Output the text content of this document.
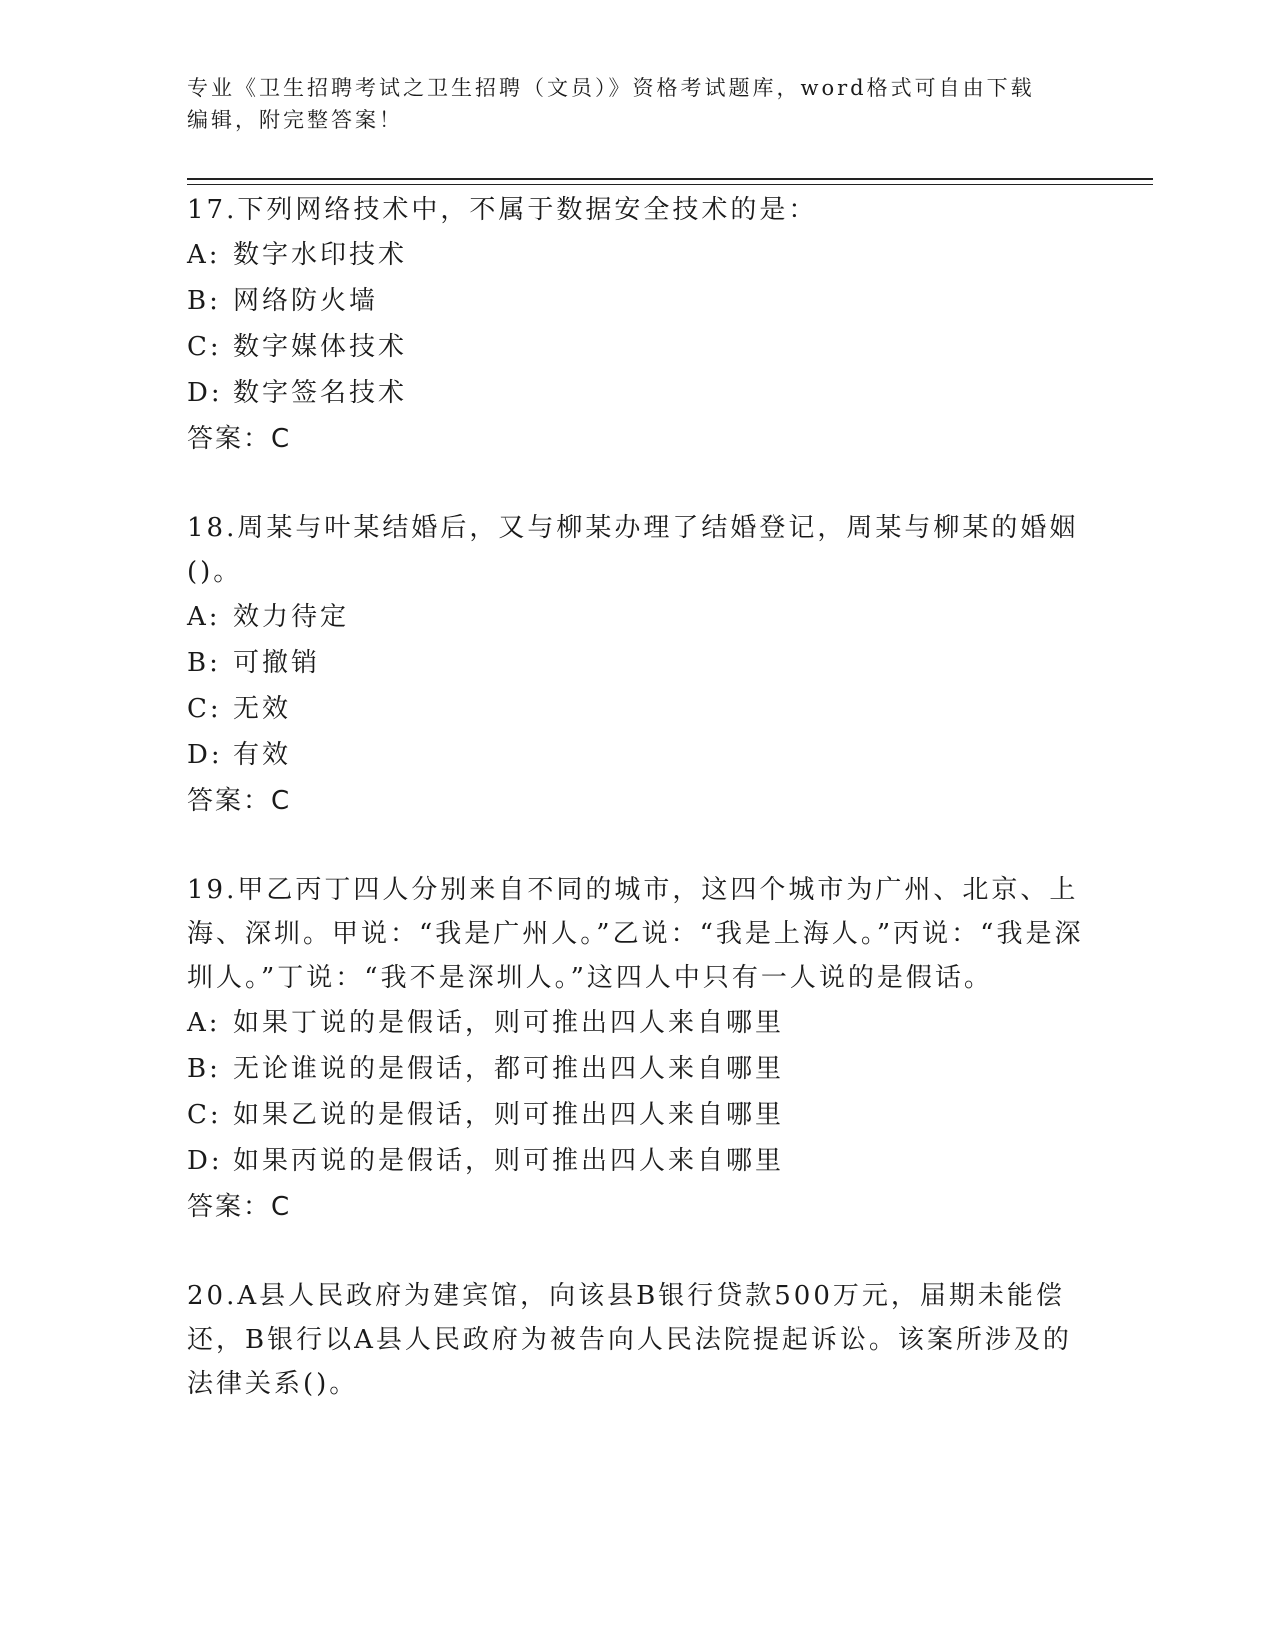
专业《卫生招聘考试之卫生招聘（文员）》资格考试题库，word格式可自由下载
编辑，附完整答案！

17.下列网络技术中，不属于数据安全技术的是：

A: 数字水印技术

B: 网络防火墙

C: 数字媒体技术

D: 数字签名技术

答案：C

18.周某与叶某结婚后，又与柳某办理了结婚登记，周某与柳某的婚姻()。

A: 效力待定

B: 可撤销

C: 无效

D: 有效

答案：C

19.甲乙丙丁四人分别来自不同的城市，这四个城市为广州、北京、上海、深圳。甲说：“我是广州人。”乙说：“我是上海人。”丙说：“我是深圳人。”丁说：“我不是深圳人。”这四人中只有一人说的是假话。

A: 如果丁说的是假话，则可推出四人来自哪里

B: 无论谁说的是假话，都可推出四人来自哪里

C: 如果乙说的是假话，则可推出四人来自哪里

D: 如果丙说的是假话，则可推出四人来自哪里

答案：C

20.A县人民政府为建宾馆，向该县B银行贷款500万元，届期未能偿还，B银行以A县人民政府为被告向人民法院提起诉讼。该案所涉及的法律关系()。
